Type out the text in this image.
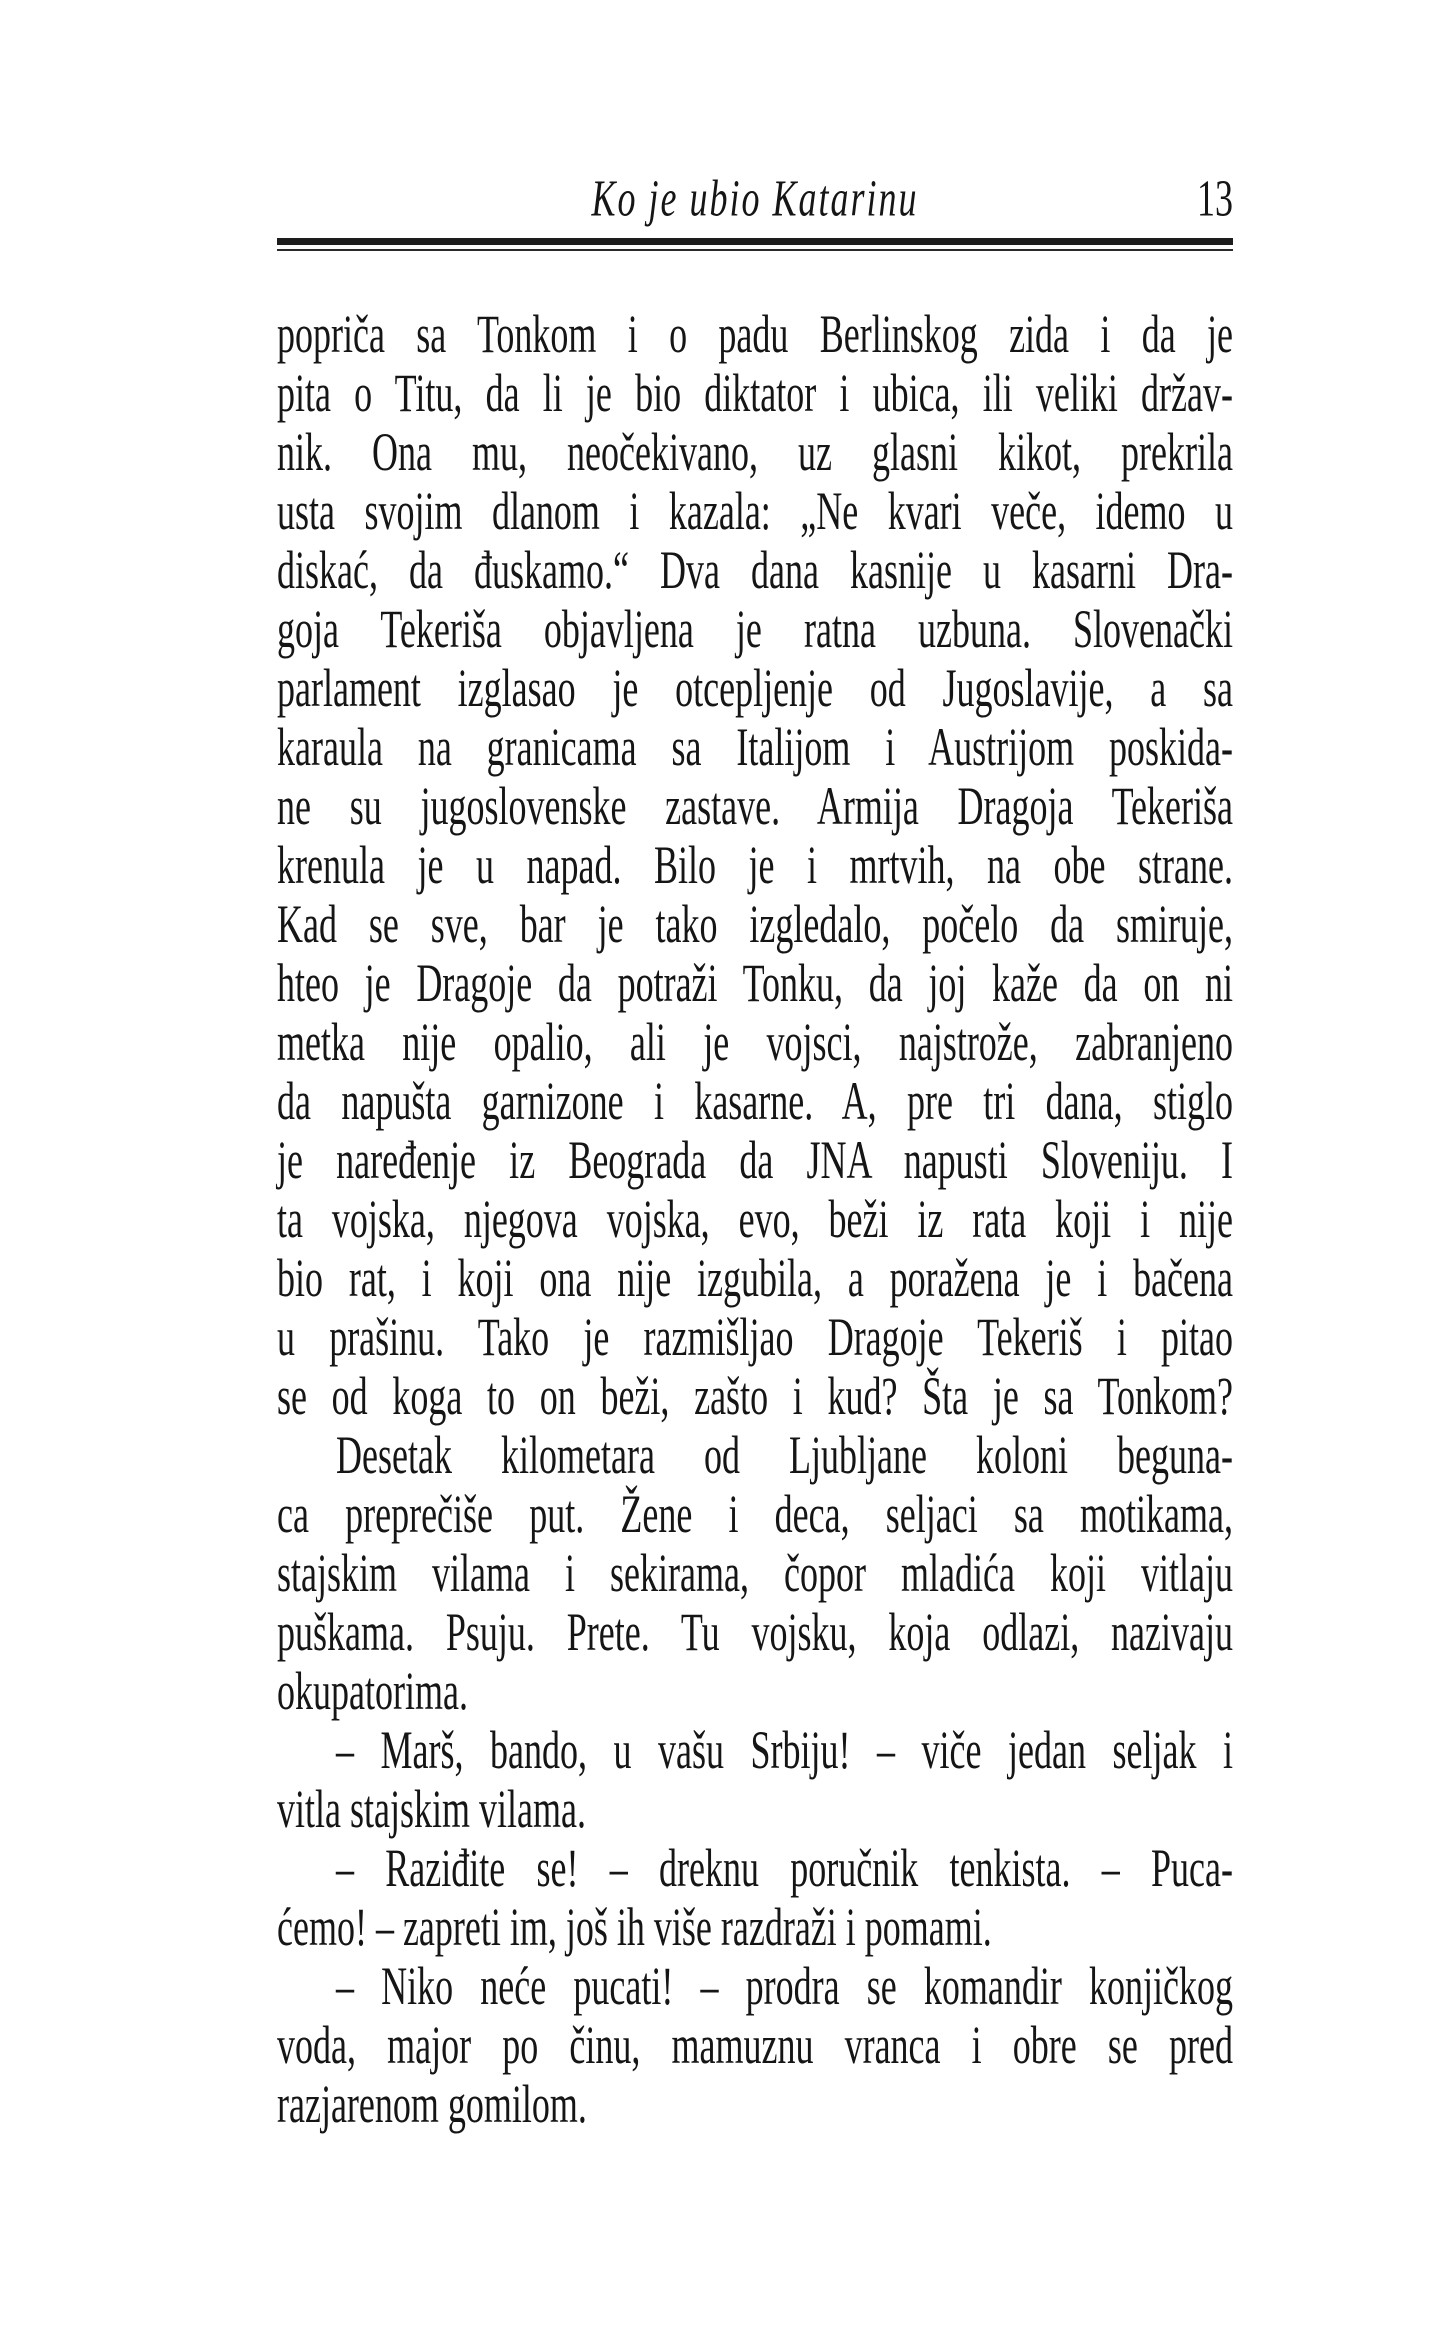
Ko je ubio Katarinu	13
popriča sa Tonkom i o padu Berlinskog zida i da je
pita o Titu, da li je bio diktator i ubica, ili veliki držav-
nik. Ona mu, neočekivano, uz glasni kikot, prekrila
usta svojim dlanom i kazala: „Ne kvari veče, idemo u
diskać, da đuskamo.“ Dva dana kasnije u kasarni Dra-
goja Tekeriša objavljena je ratna uzbuna. Slovenački
parlament izglasao je otcepljenje od Jugoslavije, a sa
karaula na granicama sa Italijom i Austrijom poskida-
ne su jugoslovenske zastave. Armija Dragoja Tekeriša
krenula je u napad. Bilo je i mrtvih, na obe strane.
Kad se sve, bar je tako izgledalo, počelo da smiruje,
hteo je Dragoje da potraži Tonku, da joj kaže da on ni
metka nije opalio, ali je vojsci, najstrože, zabranjeno
da napušta garnizone i kasarne. A, pre tri dana, stiglo
je naređenje iz Beograda da JNA napusti Sloveniju. I
ta vojska, njegova vojska, evo, beži iz rata koji i nije
bio rat, i koji ona nije izgubila, a poražena je i bačena
u prašinu. Tako je razmišljao Dragoje Tekeriš i pitao
se od koga to on beži, zašto i kud? Šta je sa Tonkom?
Desetak kilometara od Ljubljane koloni beguna-
ca preprečiše put. Žene i deca, seljaci sa motikama,
stajskim vilama i sekirama, čopor mladića koji vitlaju
puškama. Psuju. Prete. Tu vojsku, koja odlazi, nazivaju
okupatorima.
– Marš, bando, u vašu Srbiju! – viče jedan seljak i
vitla stajskim vilama.
– Raziđite se! – dreknu poručnik tenkista. – Puca-
ćemo! – zapreti im, još ih više razdraži i pomami.
– Niko neće pucati! – prodra se komandir konjičkog
voda, major po činu, mamuznu vranca i obre se pred
razjarenom gomilom.
